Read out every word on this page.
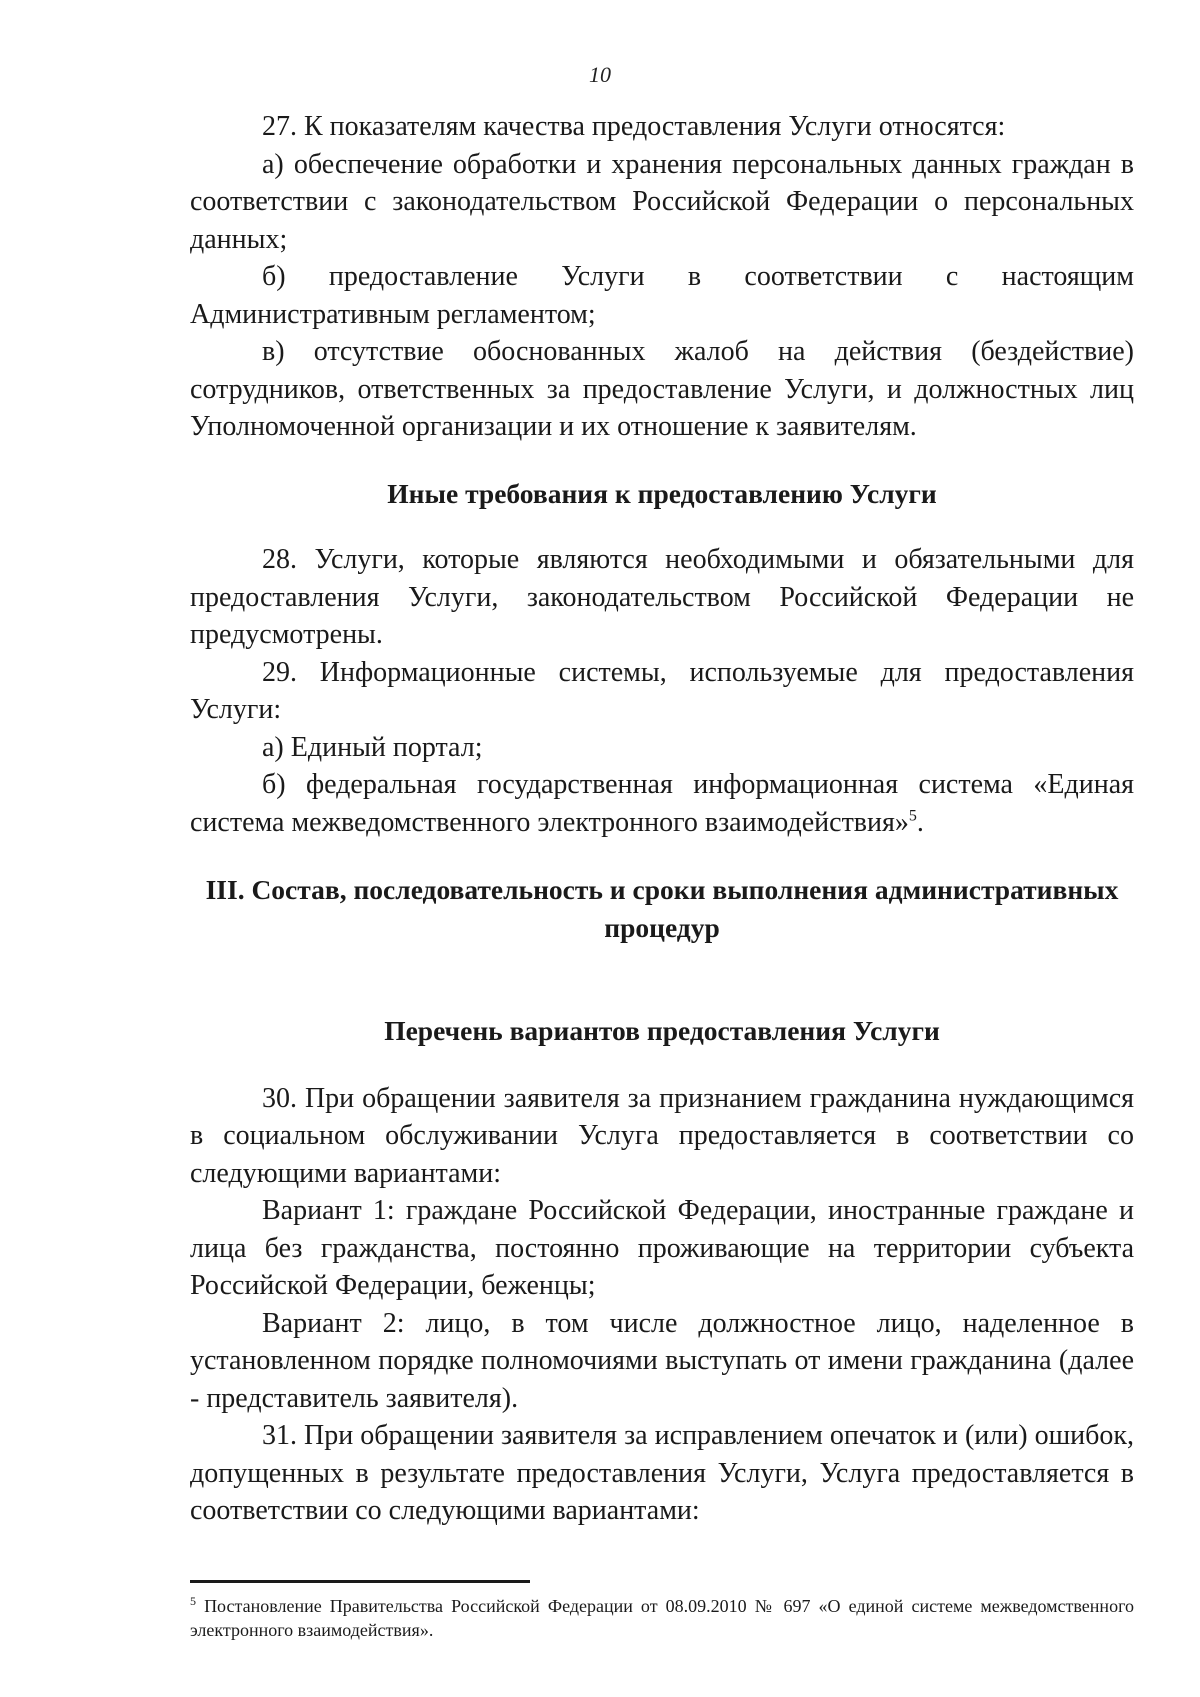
10

27. К показателям качества предоставления Услуги относятся:

а) обеспечение обработки и хранения персональных данных граждан в соответствии с законодательством Российской Федерации о персональных данных;

б) предоставление Услуги в соответствии с настоящим Административным регламентом;

в) отсутствие обоснованных жалоб на действия (бездействие) сотрудников, ответственных за предоставление Услуги, и должностных лиц Уполномоченной организации и их отношение к заявителям.

Иные требования к предоставлению Услуги

28. Услуги, которые являются необходимыми и обязательными для предоставления Услуги, законодательством Российской Федерации не предусмотрены.

29. Информационные системы, используемые для предоставления Услуги:

а) Единый портал;

б) федеральная государственная информационная система «Единая система межведомственного электронного взаимодействия»$^5$.

III. Состав, последовательность и сроки выполнения административных процедур

Перечень вариантов предоставления Услуги

30. При обращении заявителя за признанием гражданина нуждающимся в социальном обслуживании Услуга предоставляется в соответствии со следующими вариантами:

Вариант 1: граждане Российской Федерации, иностранные граждане и лица без гражданства, постоянно проживающие на территории субъекта Российской Федерации, беженцы;

Вариант 2: лицо, в том числе должностное лицо, наделенное в установленном порядке полномочиями выступать от имени гражданина (далее - представитель заявителя).

31. При обращении заявителя за исправлением опечаток и (или) ошибок, допущенных в результате предоставления Услуги, Услуга предоставляется в соответствии со следующими вариантами:

$^5$ Постановление Правительства Российской Федерации от 08.09.2010 № 697 «О единой системе межведомственного электронного взаимодействия».
